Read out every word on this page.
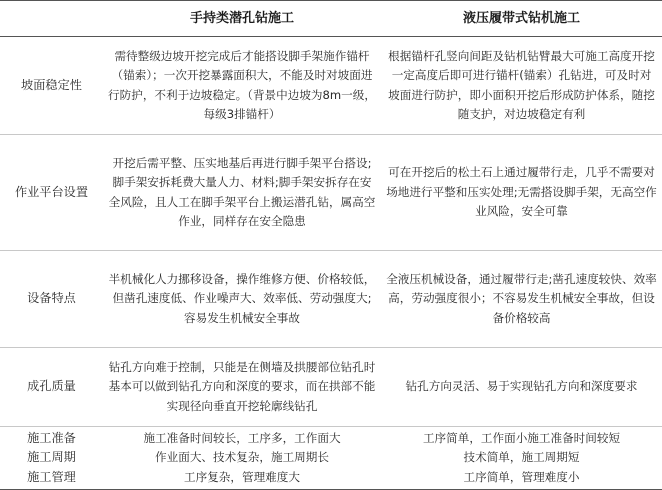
手持类潜孔钻施工	液压履带式钻机施工
坡面稳定性
需待整级边坡开挖完成后才能搭设脚手架施作锚杆（锚索）；一次开挖暴露面积大，不能及时对坡面进行防护，不利于边坡稳定。（背景中边坡为8m一级，每级3排锚杆）
根据锚杆孔竖向间距及钻机钻臂最大可施工高度开挖一定高度后即可进行锚杆(锚索）孔钻进，可及时对坡面进行防护，即小面积开挖后形成防护体系，随挖随支护，对边坡稳定有利
作业平台设置
开挖后需平整、压实地基后再进行脚手架平台搭设;脚手架安拆耗费大量人力、材料;脚手架安拆存在安全风险，且人工在脚手架平台上搬运潜孔钻，属高空作业，同样存在安全隐患
可在开挖后的松土石上通过履带行走，几乎不需要对场地进行平整和压实处理;无需搭设脚手架，无高空作业风险，安全可靠
设备特点
半机械化人力挪移设备，操作维修方便、价格较低，但凿孔速度低、作业噪声大、效率低、劳动强度大;容易发生机械安全事故
全液压机械设备，通过履带行走;凿孔速度较快、效率高，劳动强度很小；不容易发生机械安全事故，但设备价格较高
成孔质量
钻孔方向难于控制，只能是在侧墙及拱腰部位钻孔时基本可以做到钻孔方向和深度的要求，而在拱部不能实现径向垂直开挖轮廓线钻孔
钻孔方向灵活、易于实现钻孔方向和深度要求
施工准备
施工周期
施工管理
施工准备时间较长，工序多，工作面大
作业面大、技术复杂，施工周期长
工序复杂，管理难度大
工序简单，工作面小施工准备时间较短
技术简单，施工周期短
工序简单，管理难度小
